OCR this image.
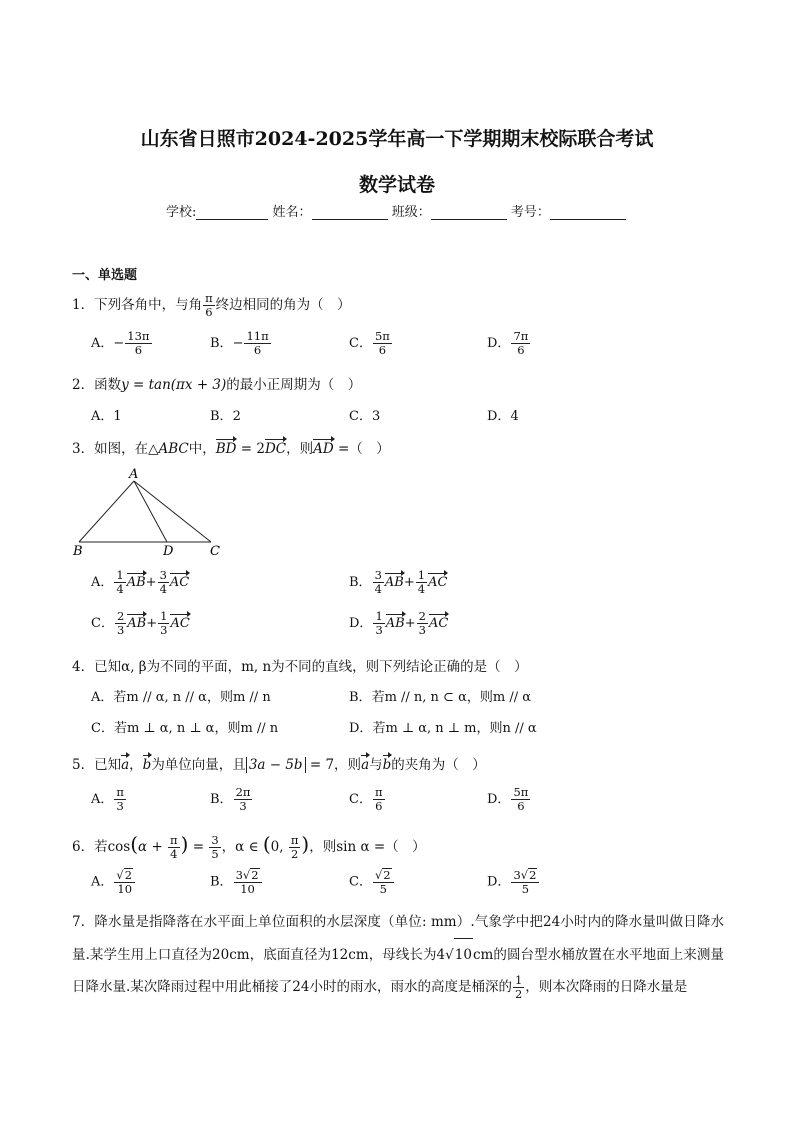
山东省日照市2024-2025学年高一下学期期末校际联合考试
数学试卷
学校:	姓名：	班级：	考号：
一、单选题
1．下列各角中，与角 $\frac{\pi}{6}$ 终边相同的角为（　）
A．− $\frac{13\pi}{6}$	B．− $\frac{11\pi}{6}$	C． $\frac{5\pi}{6}$	D． $\frac{7\pi}{6}$
2．函数y = tan(πx + 3)的最小正周期为（　）
A．1	B．2	C．3	D．4
3．如图，在△ABC中，BD = 2DC，则AD =（　）
A
B	D	C
A． $\frac{1}{4} AB+ \frac{3}{4}$ AC	B． $\frac{3}{4} AB+ \frac{1}{4}$ AC
C． $\frac{2}{3} AB+ \frac{1}{3}$ AC	D． $\frac{1}{3} AB+ \frac{2}{3}$ AC
4．已知α, β为不同的平面，m, n为不同的直线，则下列结论正确的是（　）
A．若m // α, n // α，则m // n	B．若m // n, n ⊂ α，则m // α
C．若m ⊥ α, n ⊥ α，则m // n	D．若m ⊥ α, n ⊥ m，则n // α
5．已知a，b为单位向量，且 3a − 5b = 7，则a与b的夹角为（　）
A． $\frac{\pi}{3}$	B． $\frac{2\pi}{3}$	C． $\frac{\pi}{6}$	D． $\frac{5\pi}{6}$
6．若$\cos(\alpha + \frac{\pi}{4}$ ) = $\frac{3}{5}$ ，α ∈ (0, $\frac{\pi}{2}$ )，则sin α =（　）
A． $\frac{√2}{10}$	B． $\frac{3√2}{10}$	C． $\frac{√2}{5}$	D． $\frac{3√2}{5}$
7．降水量是指降落在水平面上单位面积的水层深度（单位: mm）.气象学中把24小时内的降水量叫做日降水量.某学生用上口直径为20cm，底面直径为12cm，母线长为4√10cm的圆台型水桶放置在水平地面上来测量日降水量.某次降雨过程中用此桶接了24小时的雨水，雨水的高度是桶深的 $\frac{1}{2}$ ，则本次降雨的日降水量是
